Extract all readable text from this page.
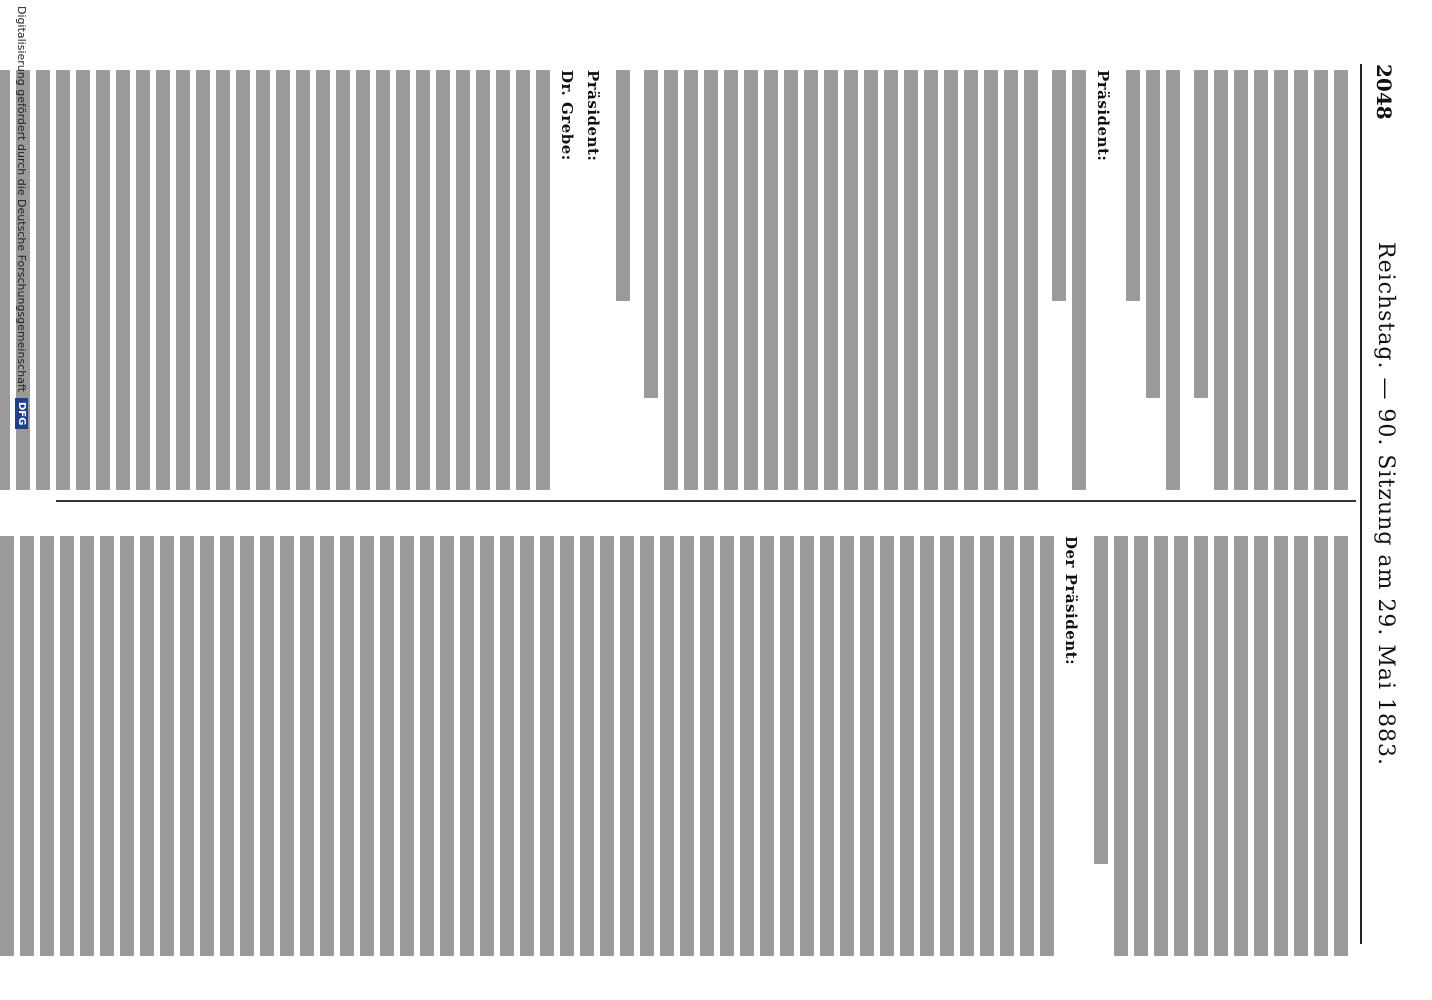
2048
Reichstag. — 90. Sitzung am 29. Mai 1883.
Präsident:
Präsident:
Dr. Grebe:
Der Präsident:
Digitalisierung gefördert durch die Deutsche Forschungsgemeinschaft
DFG
